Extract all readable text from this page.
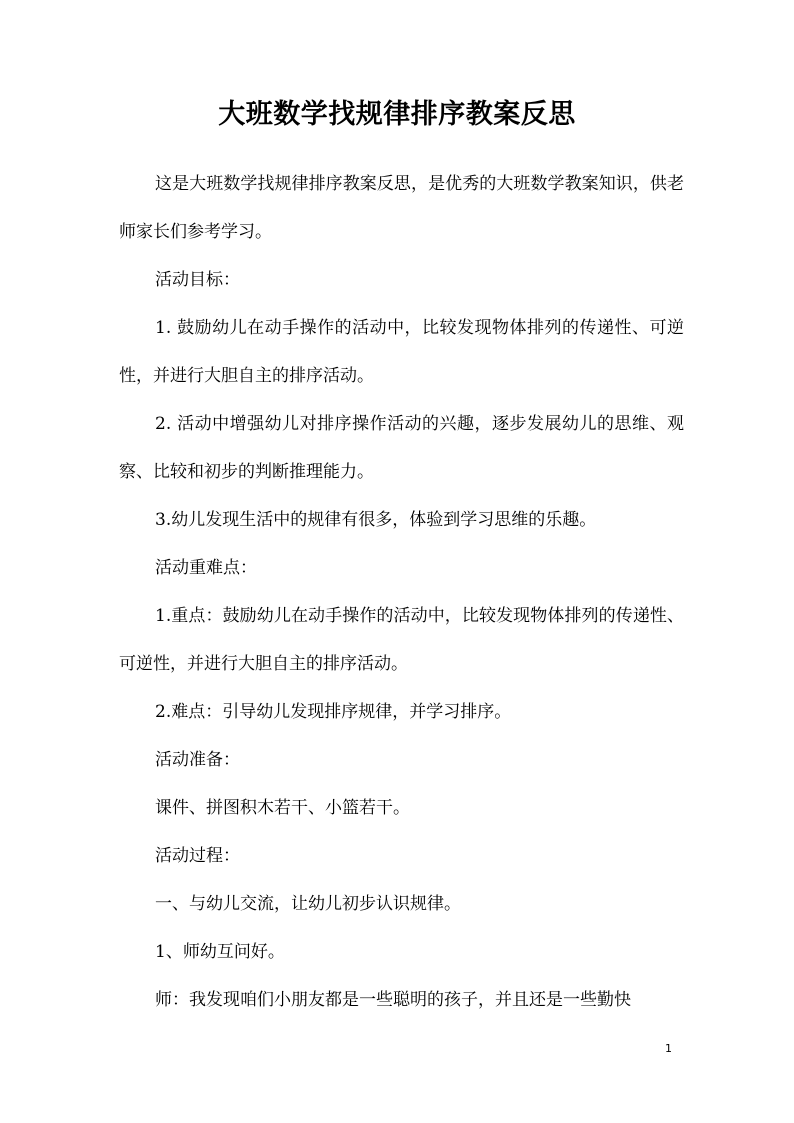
大班数学找规律排序教案反思

这是大班数学找规律排序教案反思，是优秀的大班数学教案知识，供老师家长们参考学习。

活动目标：

1. 鼓励幼儿在动手操作的活动中，比较发现物体排列的传递性、可逆性，并进行大胆自主的排序活动。

2. 活动中增强幼儿对排序操作活动的兴趣，逐步发展幼儿的思维、观察、比较和初步的判断推理能力。

3.幼儿发现生活中的规律有很多，体验到学习思维的乐趣。

活动重难点：

1.重点：鼓励幼儿在动手操作的活动中，比较发现物体排列的传递性、可逆性，并进行大胆自主的排序活动。

2.难点：引导幼儿发现排序规律，并学习排序。

活动准备：

课件、拼图积木若干、小篮若干。

活动过程：

一、与幼儿交流，让幼儿初步认识规律。

1、师幼互问好。

师：我发现咱们小朋友都是一些聪明的孩子，并且还是一些勤快

1
